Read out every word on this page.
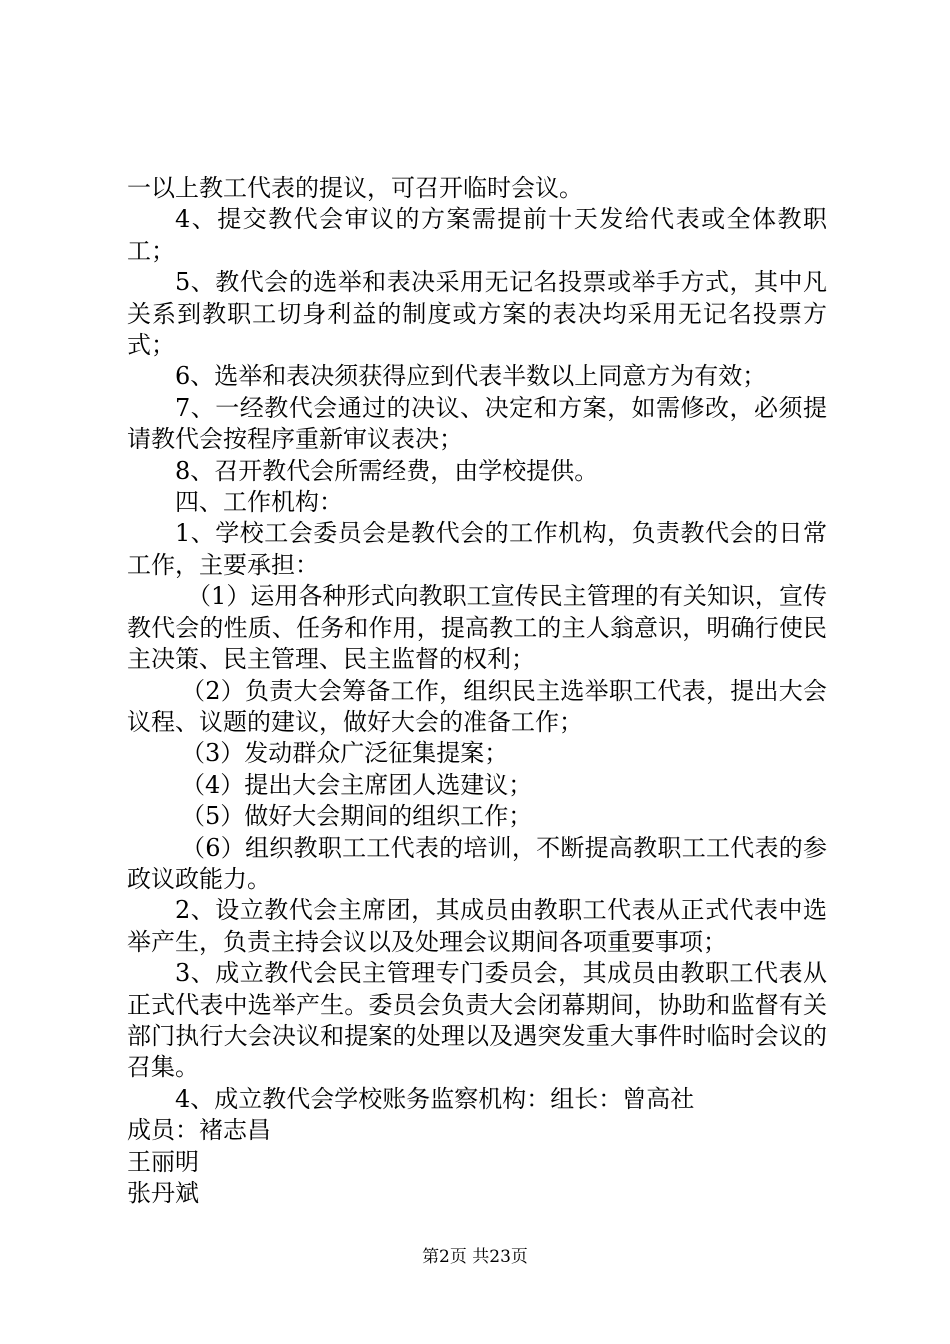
一以上教工代表的提议，可召开临时会议。

4、提交教代会审议的方案需提前十天发给代表或全体教职工；

5、教代会的选举和表决采用无记名投票或举手方式，其中凡关系到教职工切身利益的制度或方案的表决均采用无记名投票方式；

6、选举和表决须获得应到代表半数以上同意方为有效；

7、一经教代会通过的决议、决定和方案，如需修改，必须提请教代会按程序重新审议表决；

8、召开教代会所需经费，由学校提供。

四、工作机构：

1、学校工会委员会是教代会的工作机构，负责教代会的日常工作，主要承担：

（1）运用各种形式向教职工宣传民主管理的有关知识，宣传教代会的性质、任务和作用，提高教工的主人翁意识，明确行使民主决策、民主管理、民主监督的权利；

（2）负责大会筹备工作，组织民主选举职工代表，提出大会议程、议题的建议，做好大会的准备工作；

（3）发动群众广泛征集提案；

（4）提出大会主席团人选建议；

（5）做好大会期间的组织工作；

（6）组织教职工工代表的培训，不断提高教职工工代表的参政议政能力。

2、设立教代会主席团，其成员由教职工代表从正式代表中选举产生，负责主持会议以及处理会议期间各项重要事项；

3、成立教代会民主管理专门委员会，其成员由教职工代表从正式代表中选举产生。委员会负责大会闭幕期间，协助和监督有关部门执行大会决议和提案的处理以及遇突发重大事件时临时会议的召集。

4、成立教代会学校账务监察机构：组长：曾高社

成员：褚志昌

王丽明

张丹斌

第2页 共23页
